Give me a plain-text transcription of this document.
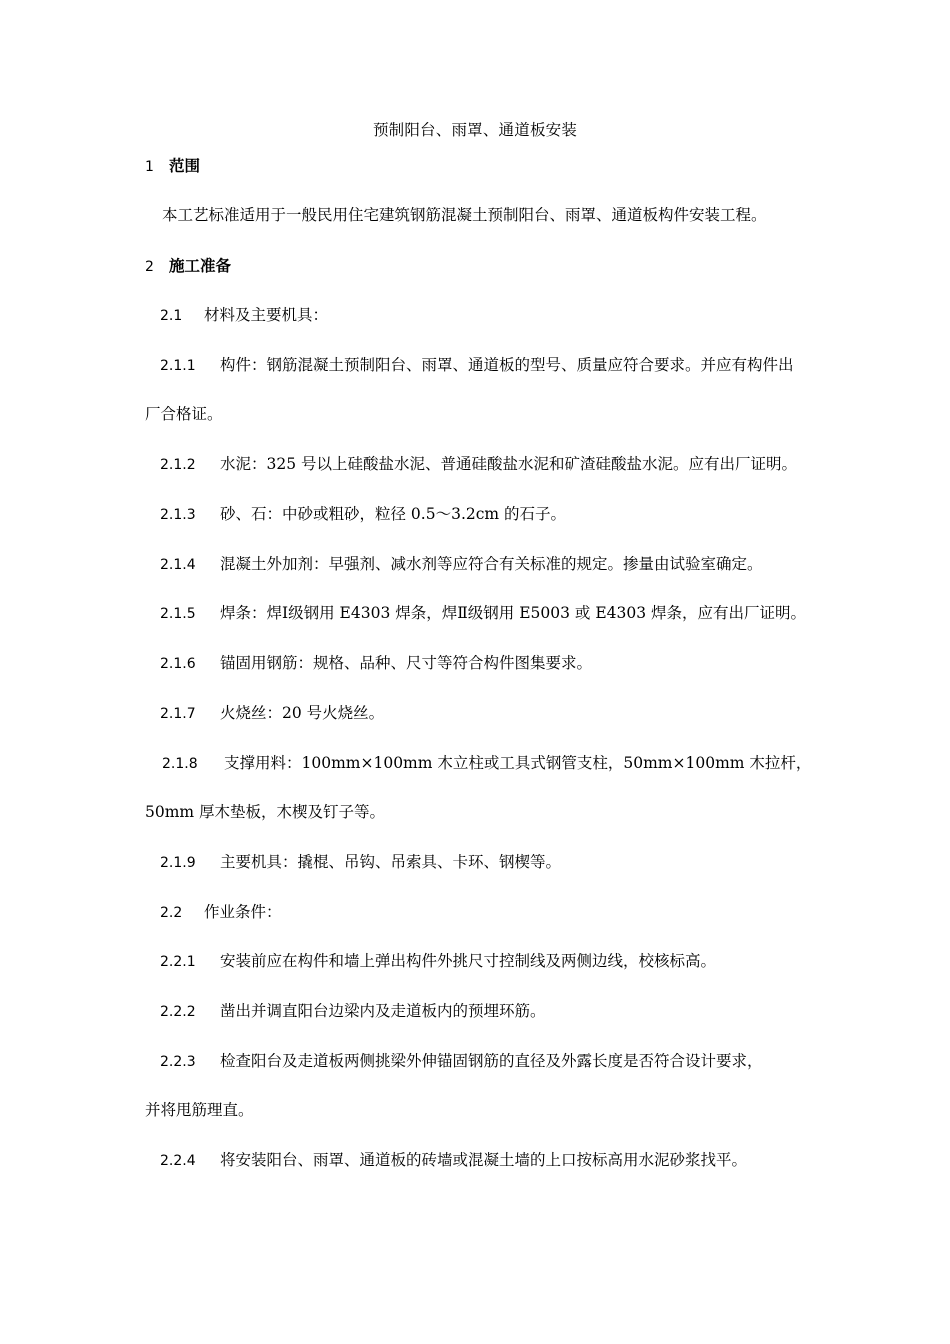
预制阳台、雨罩、通道板安装
1 范围
本工艺标准适用于一般民用住宅建筑钢筋混凝土预制阳台、雨罩、通道板构件安装工程。
2 施工准备
2.1 材料及主要机具：
2.1.1 构件：钢筋混凝土预制阳台、雨罩、通道板的型号、质量应符合要求。并应有构件出
厂合格证。
2.1.2 水泥：325 号以上硅酸盐水泥、普通硅酸盐水泥和矿渣硅酸盐水泥。应有出厂证明。
2.1.3 砂、石：中砂或粗砂，粒径 0.5～3.2cm 的石子。
2.1.4 混凝土外加剂：早强剂、减水剂等应符合有关标准的规定。掺量由试验室确定。
2.1.5 焊条：焊Ⅰ级钢用 E4303 焊条，焊Ⅱ级钢用 E5003 或 E4303 焊条，应有出厂证明。
2.1.6 锚固用钢筋：规格、品种、尺寸等符合构件图集要求。
2.1.7 火烧丝：20 号火烧丝。
2.1.8 支撑用料：100mm×100mm 木立柱或工具式钢管支柱，50mm×100mm 木拉杆，
50mm 厚木垫板，木楔及钉子等。
2.1.9 主要机具：撬棍、吊钩、吊索具、卡环、钢楔等。
2.2 作业条件：
2.2.1 安装前应在构件和墙上弹出构件外挑尺寸控制线及两侧边线，校核标高。
2.2.2 凿出并调直阳台边梁内及走道板内的预埋环筋。
2.2.3 检查阳台及走道板两侧挑梁外伸锚固钢筋的直径及外露长度是否符合设计要求，
并将甩筋理直。
2.2.4 将安装阳台、雨罩、通道板的砖墙或混凝土墙的上口按标高用水泥砂浆找平。
